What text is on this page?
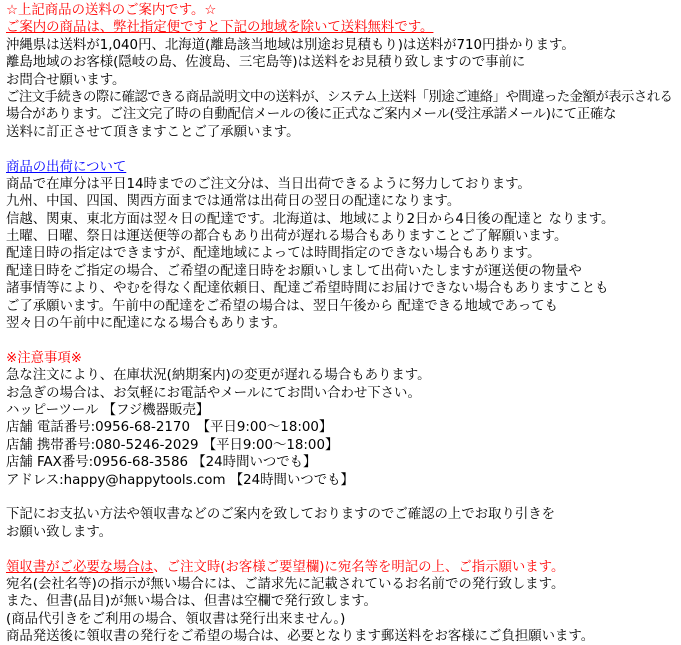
☆上記商品の送料のご案内です。☆
ご案内の商品は、弊社指定便ですと下記の地域を除いて送料無料です。
沖縄県は送料が1,040円、北海道(離島該当地域は別途お見積もり)は送料が710円掛かります。
離島地域のお客様(隠岐の島、佐渡島、三宅島等)は送料をお見積り致しますので事前に
お問合せ願います。
ご注文手続きの際に確認できる商品説明文中の送料が、システム上送料「別途ご連絡」や間違った金額が表示される
場合があります。ご注文完了時の自動配信メールの後に正式なご案内メール(受注承諾メール)にて正確な
送料に訂正させて頂きますことご了承願います。
商品の出荷について
商品で在庫分は平日14時までのご注文分は、当日出荷できるように努力しております。
九州、中国、四国、関西方面までは通常は出荷日の翌日の配達になります。
信越、関東、東北方面は翌々日の配達です。北海道は、地域により2日から4日後の配達と なります。
土曜、日曜、祭日は運送便等の都合もあり出荷が遅れる場合もありますことご了解願います。
配達日時の指定はできますが、配達地域によっては時間指定のできない場合もあります。
配達日時をご指定の場合、ご希望の配達日時をお願いしまして出荷いたしますが運送便の物量や
諸事情等により、やむを得なく配達依頼日、配達ご希望時間にお届けできない場合もありますことも
ご了承願います。午前中の配達をご希望の場合は、翌日午後から 配達できる地域であっても
翌々日の午前中に配達になる場合もあります。
※注意事項※
急な注文により、在庫状況(納期案内)の変更が遅れる場合もあります。
お急ぎの場合は、お気軽にお電話やメールにてお問い合わせ下さい。
ハッピーツール 【フジ機器販売】
店舗 電話番号:0956-68-2170　【平日9:00～18:00】
店舗 携帯番号:080-5246-2029 【平日9:00～18:00】
店舗 FAX番号:0956-68-3586 【24時間いつでも】
アドレス:happy@happytools.com 【24時間いつでも】
下記にお支払い方法や領収書などのご案内を致しておりますのでご確認の上でお取り引きを
お願い致します。
領収書がご必要な場合は、ご注文時(お客様ご要望欄)に宛名等を明記の上、ご指示願います。
宛名(会社名等)の指示が無い場合には、ご請求先に記載されているお名前での発行致します。
また、但書(品目)が無い場合は、但書は空欄で発行致します。
(商品代引きをご利用の場合、領収書は発行出来ません。)
商品発送後に領収書の発行をご希望の場合は、必要となります郵送料をお客様にご負担願います。
